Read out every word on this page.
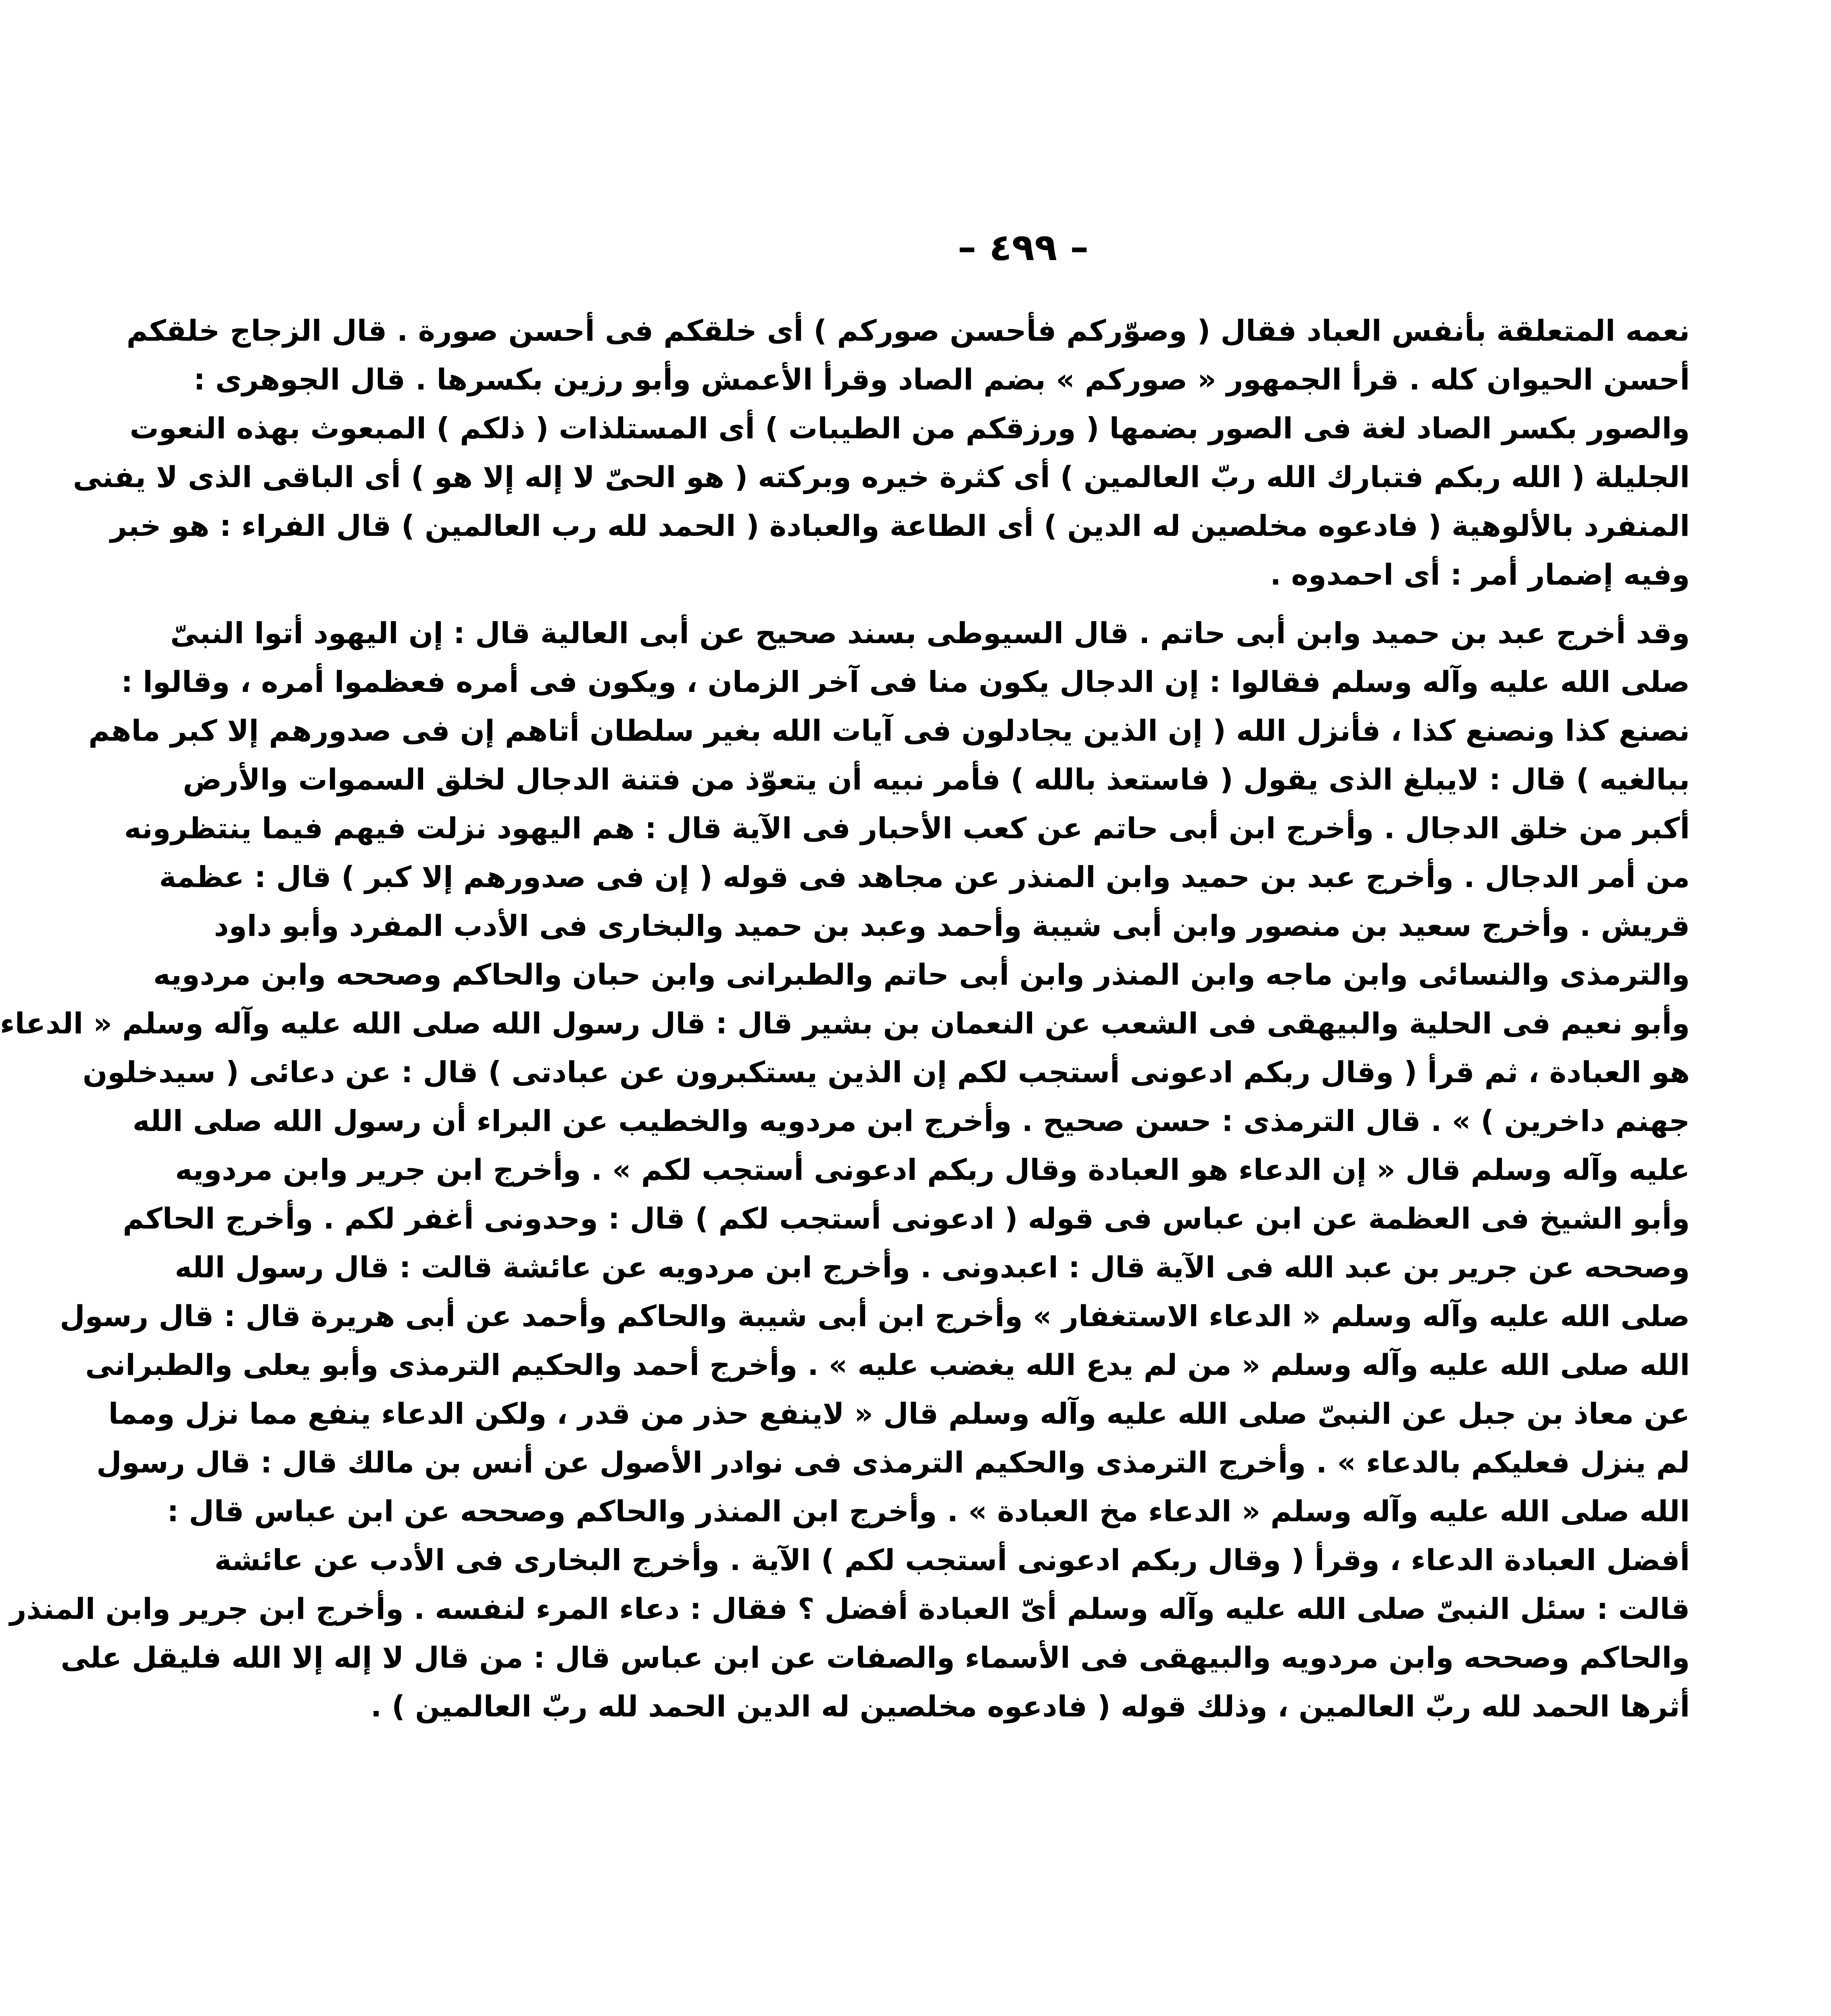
– ٤٩٩ –
نعمه المتعلقة بأنفس العباد فقال ( وصوّركم فأحسن صوركم ) أى خلقكم فى أحسن صورة . قال الزجاج خلقكم
أحسن الحيوان كله . قرأ الجمهور « صوركم » بضم الصاد وقرأ الأعمش وأبو رزين بكسرها . قال الجوهرى :
والصور بكسر الصاد لغة فى الصور بضمها ( ورزقكم من الطيبات ) أى المستلذات ( ذلكم ) المبعوث بهذه النعوت
الجليلة ( الله ربكم فتبارك الله ربّ العالمين ) أى كثرة خيره وبركته ( هو الحىّ لا إله إلا هو ) أى الباقى الذى لا يفنى
المنفرد بالألوهية ( فادعوه مخلصين له الدين ) أى الطاعة والعبادة ( الحمد لله رب العالمين ) قال الفراء : هو خبر
وفيه إضمار أمر : أى احمدوه .
وقد أخرج عبد بن حميد وابن أبى حاتم . قال السيوطى بسند صحيح عن أبى العالية قال : إن اليهود أتوا النبىّ
صلى الله عليه وآله وسلم فقالوا : إن الدجال يكون منا فى آخر الزمان ، ويكون فى أمره فعظموا أمره ، وقالوا :
نصنع كذا ونصنع كذا ، فأنزل الله ( إن الذين يجادلون فى آيات الله بغير سلطان أتاهم إن فى صدورهم إلا كبر ماهم
ببالغيه ) قال : لايبلغ الذى يقول ( فاستعذ بالله ) فأمر نبيه أن يتعوّذ من فتنة الدجال لخلق السموات والأرض
أكبر من خلق الدجال . وأخرج ابن أبى حاتم عن كعب الأحبار فى الآية قال : هم اليهود نزلت فيهم فيما ينتظرونه
من أمر الدجال . وأخرج عبد بن حميد وابن المنذر عن مجاهد فى قوله ( إن فى صدورهم إلا كبر ) قال : عظمة
قريش . وأخرج سعيد بن منصور وابن أبى شيبة وأحمد وعبد بن حميد والبخارى فى الأدب المفرد وأبو داود
والترمذى والنسائى وابن ماجه وابن المنذر وابن أبى حاتم والطبرانى وابن حبان والحاكم وصححه وابن مردويه
وأبو نعيم فى الحلية والبيهقى فى الشعب عن النعمان بن بشير قال : قال رسول الله صلى الله عليه وآله وسلم « الدعاء
هو العبادة ، ثم قرأ ( وقال ربكم ادعونى أستجب لكم إن الذين يستكبرون عن عبادتى ) قال : عن دعائى ( سيدخلون
جهنم داخرين ) » . قال الترمذى : حسن صحيح . وأخرج ابن مردويه والخطيب عن البراء أن رسول الله صلى الله
عليه وآله وسلم قال « إن الدعاء هو العبادة وقال ربكم ادعونى أستجب لكم » . وأخرج ابن جرير وابن مردويه
وأبو الشيخ فى العظمة عن ابن عباس فى قوله ( ادعونى أستجب لكم ) قال : وحدونى أغفر لكم . وأخرج الحاكم
وصححه عن جرير بن عبد الله فى الآية قال : اعبدونى . وأخرج ابن مردويه عن عائشة قالت : قال رسول الله
صلى الله عليه وآله وسلم « الدعاء الاستغفار » وأخرج ابن أبى شيبة والحاكم وأحمد عن أبى هريرة قال : قال رسول
الله صلى الله عليه وآله وسلم « من لم يدع الله يغضب عليه » . وأخرج أحمد والحكيم الترمذى وأبو يعلى والطبرانى
عن معاذ بن جبل عن النبىّ صلى الله عليه وآله وسلم قال « لاينفع حذر من قدر ، ولكن الدعاء ينفع مما نزل ومما
لم ينزل فعليكم بالدعاء » . وأخرج الترمذى والحكيم الترمذى فى نوادر الأصول عن أنس بن مالك قال : قال رسول
الله صلى الله عليه وآله وسلم « الدعاء مخ العبادة » . وأخرج ابن المنذر والحاكم وصححه عن ابن عباس قال :
أفضل العبادة الدعاء ، وقرأ ( وقال ربكم ادعونى أستجب لكم ) الآية . وأخرج البخارى فى الأدب عن عائشة
قالت : سئل النبىّ صلى الله عليه وآله وسلم أىّ العبادة أفضل ؟ فقال : دعاء المرء لنفسه . وأخرج ابن جرير وابن المنذر
والحاكم وصححه وابن مردويه والبيهقى فى الأسماء والصفات عن ابن عباس قال : من قال لا إله إلا الله فليقل على
أثرها الحمد لله ربّ العالمين ، وذلك قوله ( فادعوه مخلصين له الدين الحمد لله ربّ العالمين ) .
